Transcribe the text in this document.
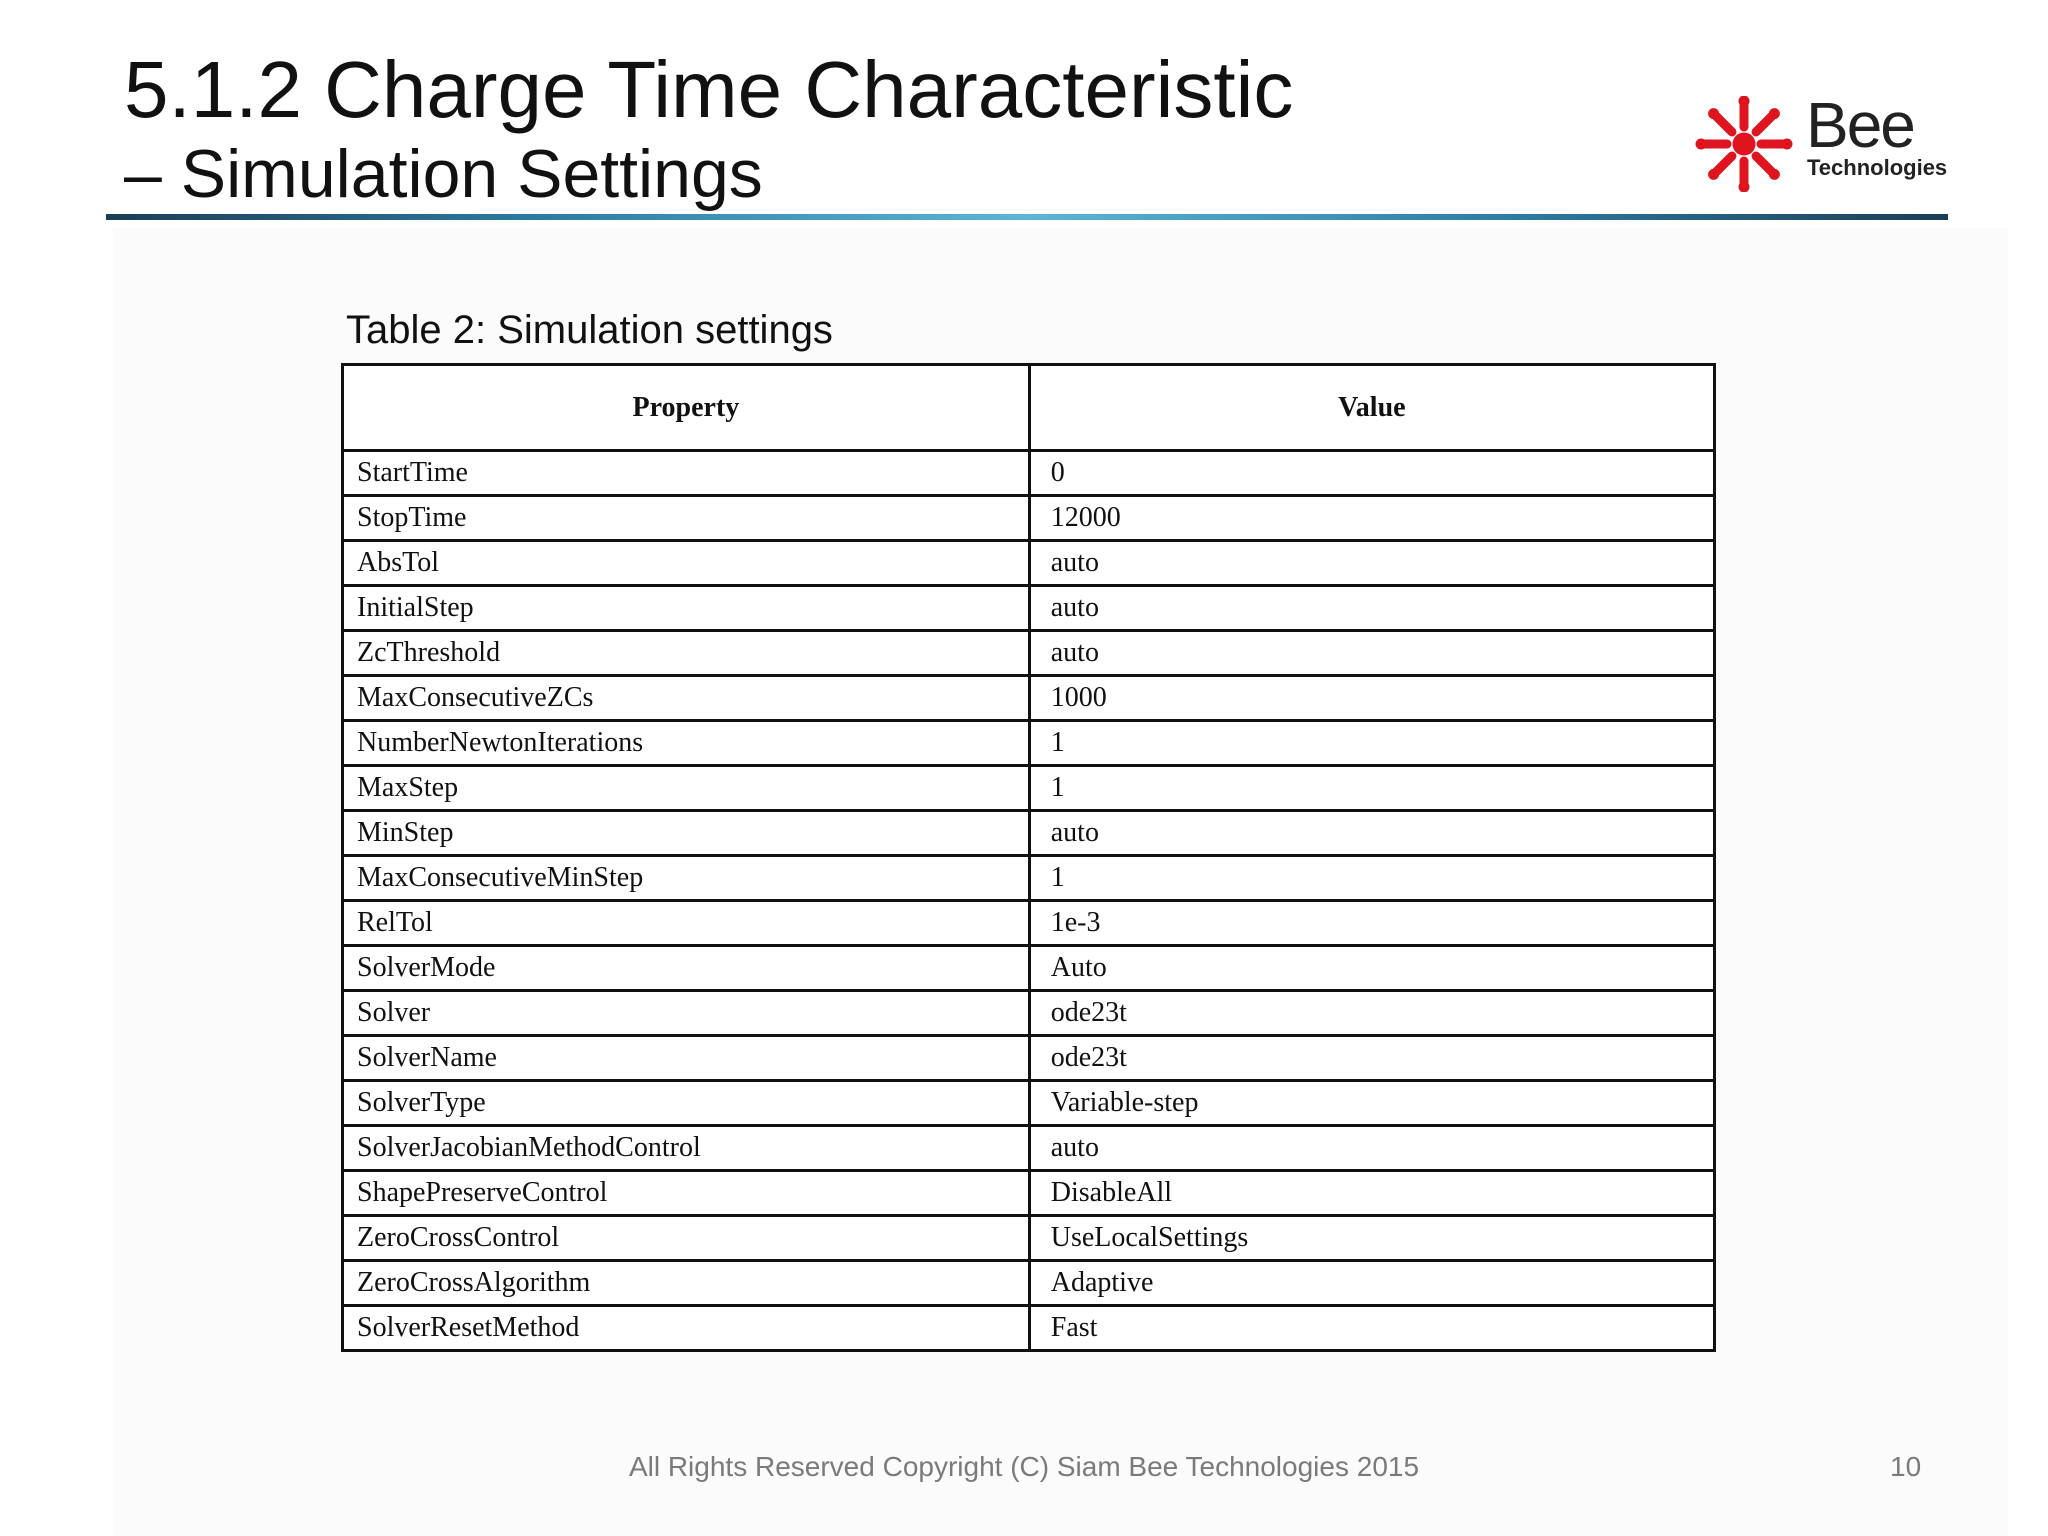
5.1.2 Charge Time Characteristic
– Simulation Settings
Bee
Technologies
Table 2: Simulation settings
Property	Value
StartTime	0
StopTime	12000
AbsTol	auto
InitialStep	auto
ZcThreshold	auto
MaxConsecutiveZCs	1000
NumberNewtonIterations	1
MaxStep	1
MinStep	auto
MaxConsecutiveMinStep	1
RelTol	1e-3
SolverMode	Auto
Solver	ode23t
SolverName	ode23t
SolverType	Variable-step
SolverJacobianMethodControl	auto
ShapePreserveControl	DisableAll
ZeroCrossControl	UseLocalSettings
ZeroCrossAlgorithm	Adaptive
SolverResetMethod	Fast
All Rights Reserved Copyright (C) Siam Bee Technologies 2015	10
